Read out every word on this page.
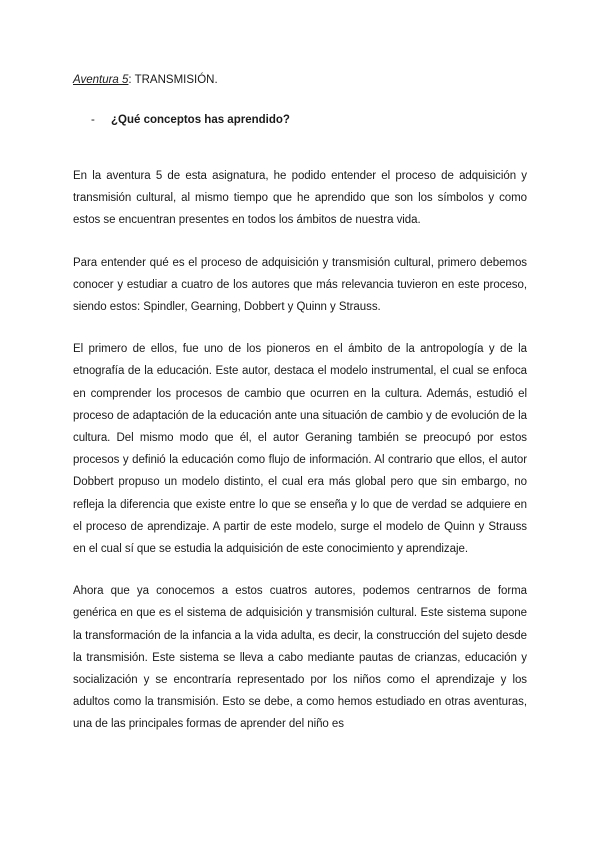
Aventura 5: TRANSMISIÓN.

-	¿Qué conceptos has aprendido?

En la aventura 5 de esta asignatura, he podido entender el proceso de adquisición y transmisión cultural, al mismo tiempo que he aprendido que son los símbolos y como estos se encuentran presentes en todos los ámbitos de nuestra vida.

Para entender qué es el proceso de adquisición y transmisión cultural, primero debemos conocer y estudiar a cuatro de los autores que más relevancia tuvieron en este proceso, siendo estos: Spindler, Gearning, Dobbert y Quinn y Strauss.

El primero de ellos, fue uno de los pioneros en el ámbito de la antropología y de la etnografía de la educación. Este autor, destaca el modelo instrumental, el cual se enfoca en comprender los procesos de cambio que ocurren en la cultura. Además, estudió el proceso de adaptación de la educación ante una situación de cambio y de evolución de la cultura. Del mismo modo que él, el autor Geraning también se preocupó por estos procesos y definió la educación como flujo de información. Al contrario que ellos, el autor Dobbert propuso un modelo distinto, el cual era más global pero que sin embargo, no refleja la diferencia que existe entre lo que se enseña y lo que de verdad se adquiere en el proceso de aprendizaje. A partir de este modelo, surge el modelo de Quinn y Strauss en el cual sí que se estudia la adquisición de este conocimiento y aprendizaje.

Ahora que ya conocemos a estos cuatros autores, podemos centrarnos de forma genérica en que es el sistema de adquisición y transmisión cultural. Este sistema supone la transformación de la infancia a la vida adulta, es decir, la construcción del sujeto desde la transmisión. Este sistema se lleva a cabo mediante pautas de crianzas, educación y socialización y se encontraría representado por los niños como el aprendizaje y los adultos como la transmisión. Esto se debe, a como hemos estudiado en otras aventuras, una de las principales formas de aprender del niño es
